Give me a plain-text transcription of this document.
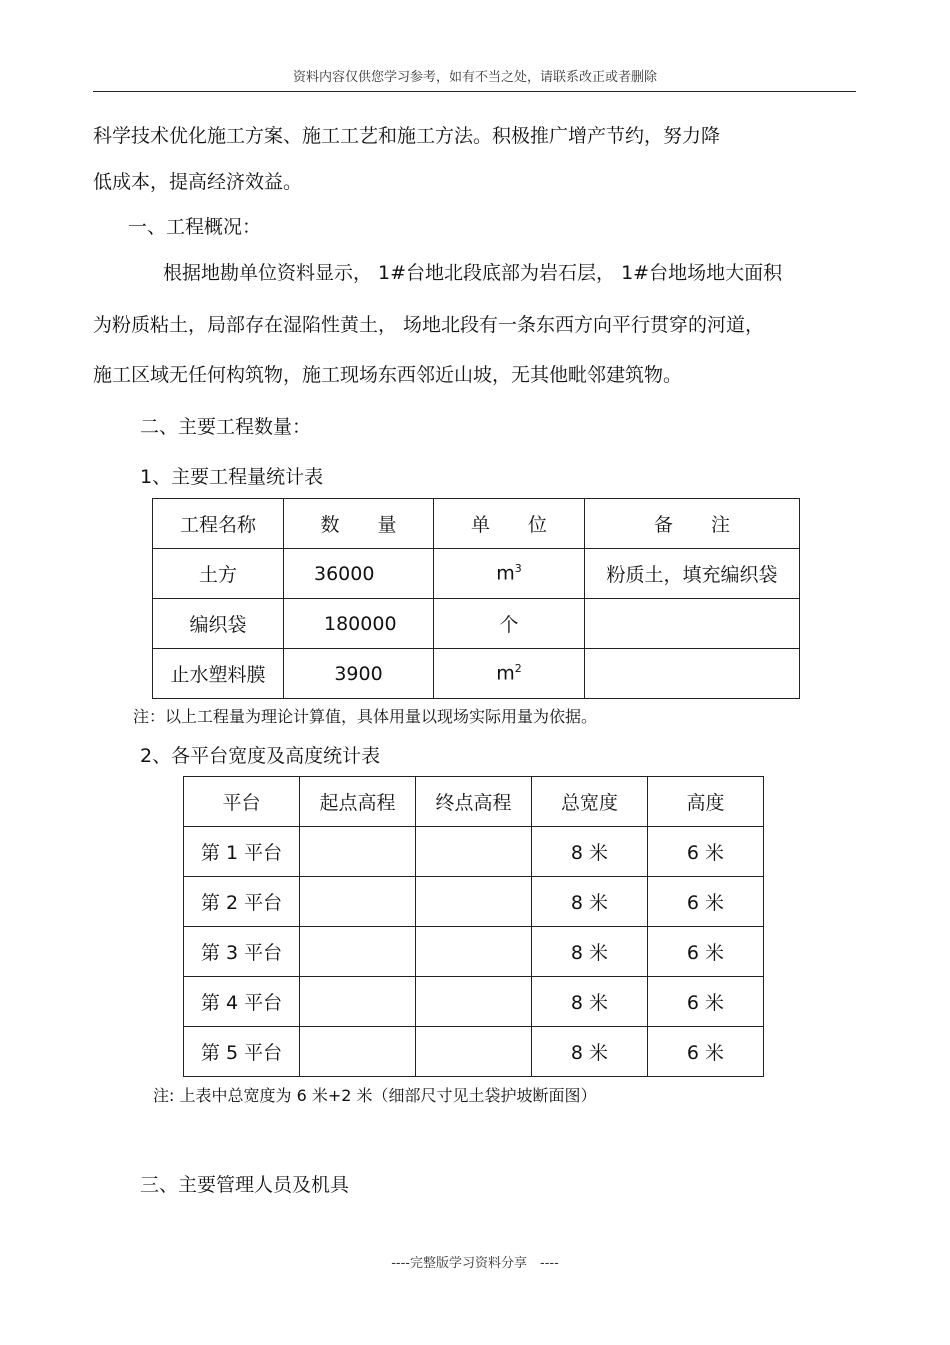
资料内容仅供您学习参考，如有不当之处，请联系改正或者删除
科学技术优化施工方案、施工工艺和施工方法。积极推广增产节约，努力降
低成本，提高经济效益。
一、工程概况：
根据地勘单位资料显示， 1#台地北段底部为岩石层， 1#台地场地大面积
为粉质粘土，局部存在湿陷性黄土， 场地北段有一条东西方向平行贯穿的河道，
施工区域无任何构筑物，施工现场东西邻近山坡，无其他毗邻建筑物。
二、主要工程数量：
1、主要工程量统计表
工程名称	数　　量	单　　位	备　　注
土方	36000	$m^3$	粉质土，填充编织袋
编织袋	180000	个	
止水塑料膜	3900	$m^2$	
注：以上工程量为理论计算值，具体用量以现场实际用量为依据。
2、各平台宽度及高度统计表
平台	起点高程	终点高程	总宽度	高度
第 1 平台			8 米	6 米
第 2 平台			8 米	6 米
第 3 平台			8 米	6 米
第 4 平台			8 米	6 米
第 5 平台			8 米	6 米
注: 上表中总宽度为 6 米+2 米（细部尺寸见土袋护坡断面图）
三、主要管理人员及机具
----完整版学习资料分享　----
